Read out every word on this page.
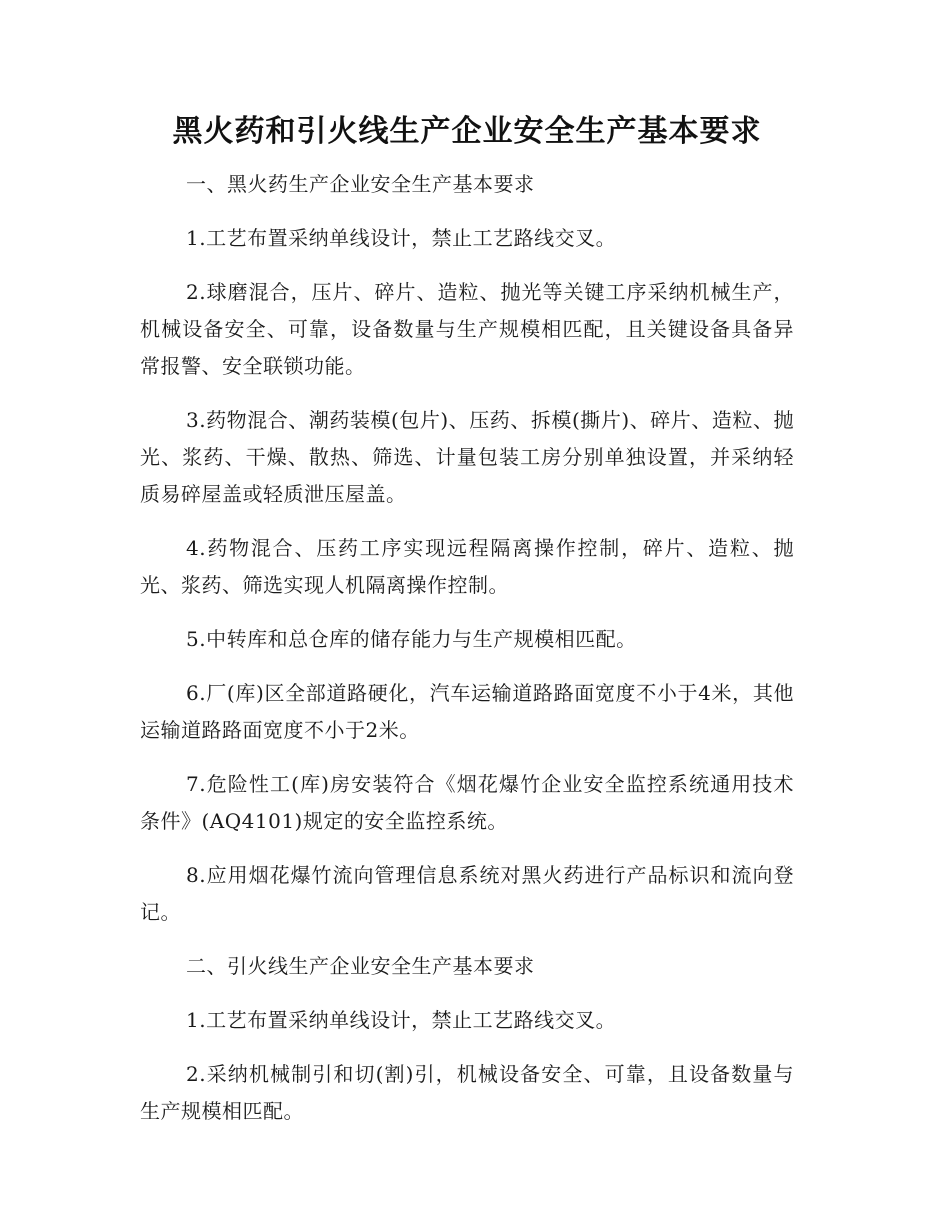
黑火药和引火线生产企业安全生产基本要求

一、黑火药生产企业安全生产基本要求

1.工艺布置采纳单线设计，禁止工艺路线交叉。

2.球磨混合，压片、碎片、造粒、抛光等关键工序采纳机械生产，机械设备安全、可靠，设备数量与生产规模相匹配，且关键设备具备异常报警、安全联锁功能。

3.药物混合、潮药装模(包片)、压药、拆模(撕片)、碎片、造粒、抛光、浆药、干燥、散热、筛选、计量包装工房分别单独设置，并采纳轻质易碎屋盖或轻质泄压屋盖。

4.药物混合、压药工序实现远程隔离操作控制，碎片、造粒、抛光、浆药、筛选实现人机隔离操作控制。

5.中转库和总仓库的储存能力与生产规模相匹配。

6.厂(库)区全部道路硬化，汽车运输道路路面宽度不小于4米，其他运输道路路面宽度不小于2米。

7.危险性工(库)房安装符合《烟花爆竹企业安全监控系统通用技术条件》(AQ4101)规定的安全监控系统。

8.应用烟花爆竹流向管理信息系统对黑火药进行产品标识和流向登记。

二、引火线生产企业安全生产基本要求

1.工艺布置采纳单线设计，禁止工艺路线交叉。

2.采纳机械制引和切(割)引，机械设备安全、可靠，且设备数量与生产规模相匹配。
